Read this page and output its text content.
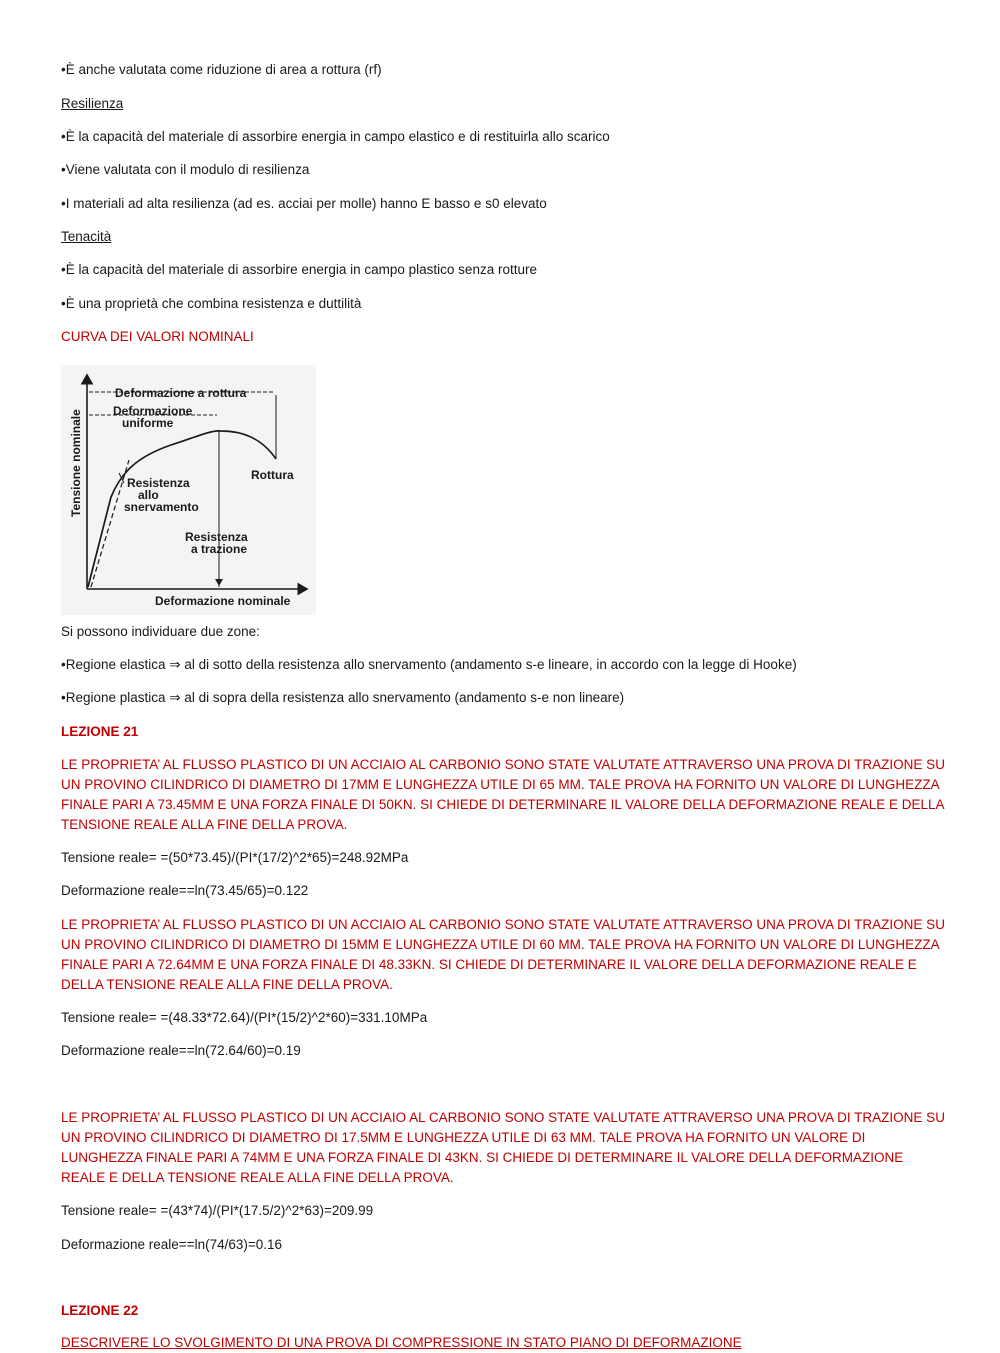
•È anche valutata come riduzione di area a rottura (rf)
Resilienza
•È la capacità del materiale di assorbire energia in campo elastico e di restituirla allo scarico
•Viene valutata con il modulo di resilienza
•I materiali ad alta resilienza (ad es. acciai per molle) hanno E basso e s0 elevato
Tenacità
•È la capacità del materiale di assorbire energia in campo plastico senza rotture
•È una proprietà che combina resistenza e duttilità
CURVA DEI VALORI NOMINALI
Deformazione a rottura
Deformazione
uniforme
Rottura
Resistenza
allo
snervamento
Resistenza
a trazione
Deformazione nominale
Tensione nominale
Si possono individuare due zone:
•Regione elastica ⇒ al di sotto della resistenza allo snervamento (andamento s-e lineare, in accordo con la legge di Hooke)
•Regione plastica ⇒ al di sopra della resistenza allo snervamento (andamento s-e non lineare)
LEZIONE 21
LE PROPRIETA’ AL FLUSSO PLASTICO DI UN ACCIAIO AL CARBONIO SONO STATE VALUTATE ATTRAVERSO UNA PROVA DI TRAZIONE SU UN PROVINO CILINDRICO DI DIAMETRO DI 17MM E LUNGHEZZA UTILE DI 65 MM. TALE PROVA HA FORNITO UN VALORE DI LUNGHEZZA FINALE PARI A 73.45MM E UNA FORZA FINALE DI 50KN. SI CHIEDE DI DETERMINARE IL VALORE DELLA DEFORMAZIONE REALE E DELLA TENSIONE REALE ALLA FINE DELLA PROVA.
Tensione reale= =(50*73.45)/(PI*(17/2)^2*65)=248.92MPa
Deformazione reale==ln(73.45/65)=0.122
LE PROPRIETA’ AL FLUSSO PLASTICO DI UN ACCIAIO AL CARBONIO SONO STATE VALUTATE ATTRAVERSO UNA PROVA DI TRAZIONE SU UN PROVINO CILINDRICO DI DIAMETRO DI 15MM E LUNGHEZZA UTILE DI 60 MM. TALE PROVA HA FORNITO UN VALORE DI LUNGHEZZA FINALE PARI A 72.64MM E UNA FORZA FINALE DI 48.33KN. SI CHIEDE DI DETERMINARE IL VALORE DELLA DEFORMAZIONE REALE E DELLA TENSIONE REALE ALLA FINE DELLA PROVA.
Tensione reale= =(48.33*72.64)/(PI*(15/2)^2*60)=331.10MPa
Deformazione reale==ln(72.64/60)=0.19
LE PROPRIETA’ AL FLUSSO PLASTICO DI UN ACCIAIO AL CARBONIO SONO STATE VALUTATE ATTRAVERSO UNA PROVA DI TRAZIONE SU UN PROVINO CILINDRICO DI DIAMETRO DI 17.5MM E LUNGHEZZA UTILE DI 63 MM. TALE PROVA HA FORNITO UN VALORE DI LUNGHEZZA FINALE PARI A 74MM E UNA FORZA FINALE DI 43KN. SI CHIEDE DI DETERMINARE IL VALORE DELLA DEFORMAZIONE REALE E DELLA TENSIONE REALE ALLA FINE DELLA PROVA.
Tensione reale= =(43*74)/(PI*(17.5/2)^2*63)=209.99
Deformazione reale==ln(74/63)=0.16
LEZIONE 22
DESCRIVERE LO SVOLGIMENTO DI UNA PROVA DI COMPRESSIONE IN STATO PIANO DI DEFORMAZIONE
